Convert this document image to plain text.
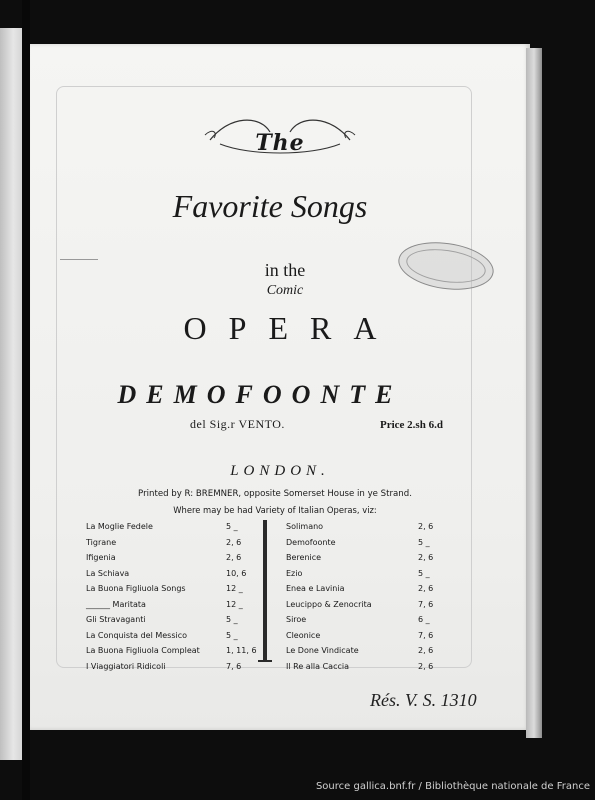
The
Favorite Songs
in the
Comic
OPERA
DEMOFOONTE
del Sig.r VENTO.	Price 2.sh 6.d
LONDON.
Printed by R: BREMNER, opposite Somerset House in ye Strand.
Where may be had Variety of Italian Operas, viz:
La Moglie Fedele	5 _
Tigrane	2, 6
Ifigenia	2, 6
La Schiava	10, 6
La Buona Figliuola Songs	12 _
______ Maritata	12 _
Gli Stravaganti	5 _
La Conquista del Messico	5 _
La Buona Figliuola Compleat	1, 11, 6
I Viaggiatori Ridicoli	7, 6
Solimano	2, 6
Demofoonte	5 _
Berenice	2, 6
Ezio	5 _
Enea e Lavinia	2, 6
Leucippo & Zenocrita	7, 6
Siroe	6 _
Cleonice	7, 6
Le Done Vindicate	2, 6
Il Re alla Caccia	2, 6
Rés. V. S. 1310
Source gallica.bnf.fr / Bibliothèque nationale de France
